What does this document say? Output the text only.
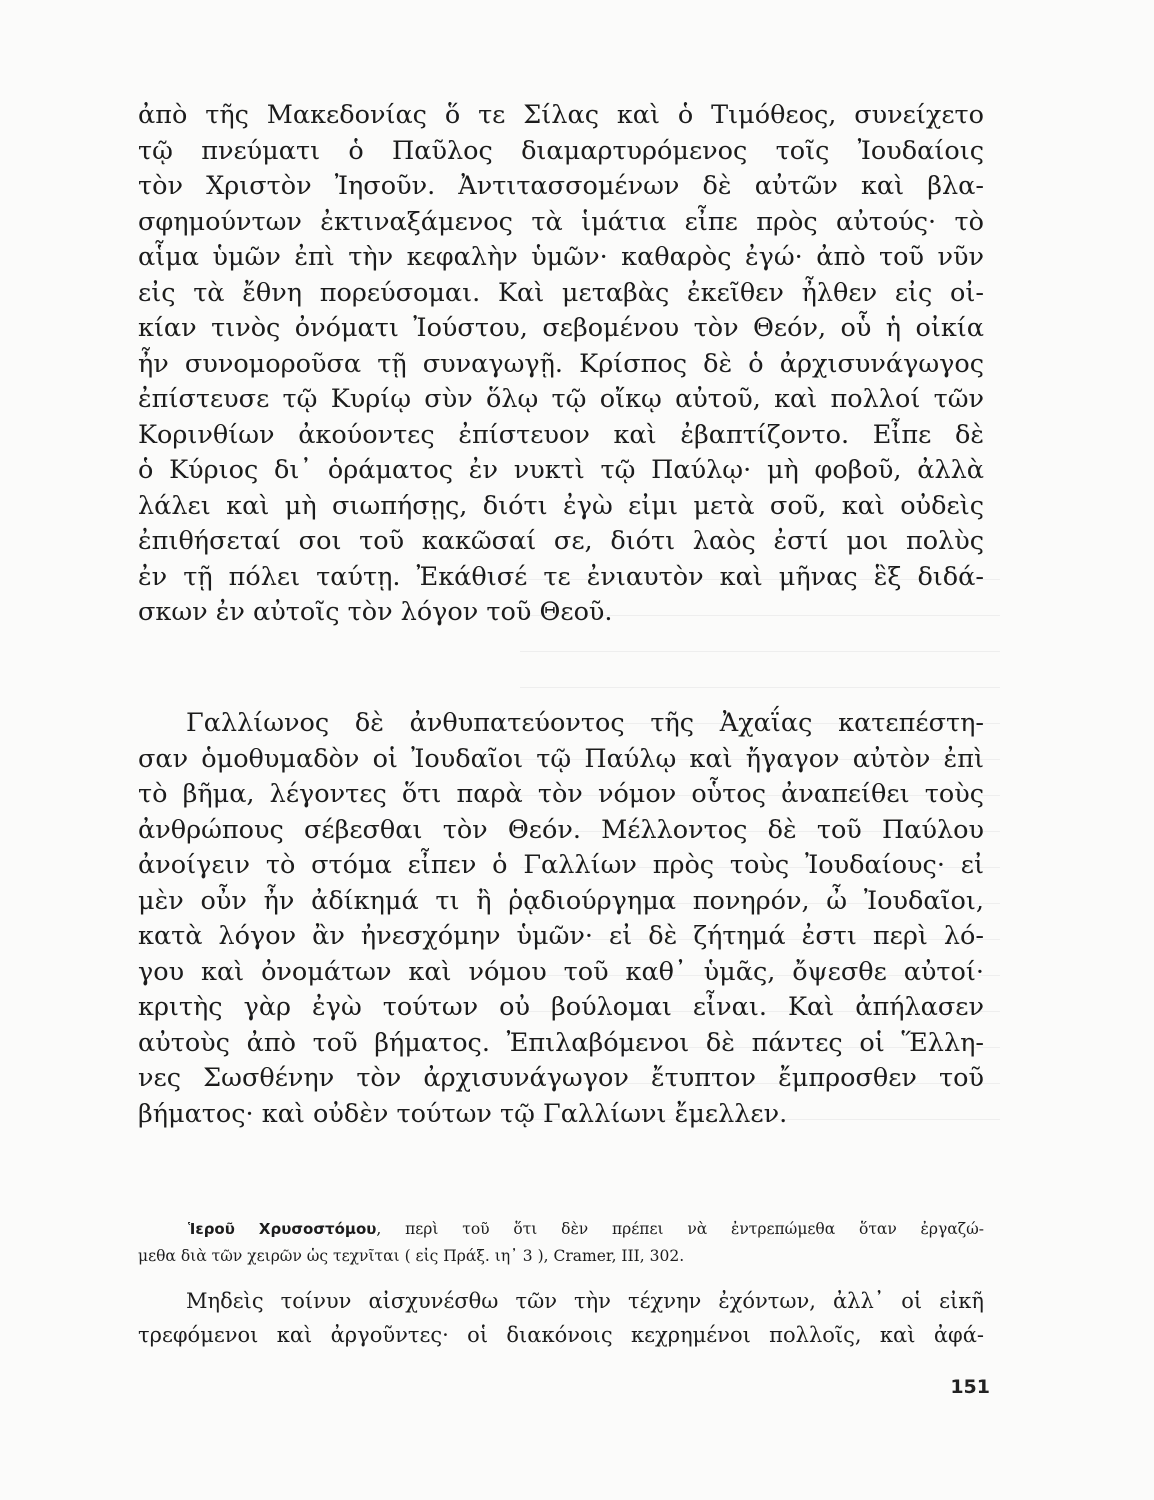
ἀπὸ τῆς Μακεδονίας ὅ τε Σίλας καὶ ὁ Τιμόθεος, συνείχετο
τῷ πνεύματι ὁ Παῦλος διαμαρτυρόμενος τοῖς Ἰουδαίοις
τὸν Χριστὸν Ἰησοῦν. Ἀντιτασσομένων δὲ αὐτῶν καὶ βλα-
σφημούντων ἐκτιναξάμενος τὰ ἱμάτια εἶπε πρὸς αὐτούς· τὸ
αἷμα ὑμῶν ἐπὶ τὴν κεφαλὴν ὑμῶν· καθαρὸς ἐγώ· ἀπὸ τοῦ νῦν
εἰς τὰ ἔθνη πορεύσομαι. Καὶ μεταβὰς ἐκεῖθεν ἦλθεν εἰς οἰ-
κίαν τινὸς ὀνόματι Ἰούστου, σεβομένου τὸν Θεόν, οὗ ἡ οἰκία
ἦν συνομοροῦσα τῇ συναγωγῇ. Κρίσπος δὲ ὁ ἀρχισυνάγωγος
ἐπίστευσε τῷ Κυρίῳ σὺν ὅλῳ τῷ οἴκῳ αὐτοῦ, καὶ πολλοί τῶν
Κορινθίων ἀκούοντες ἐπίστευον καὶ ἐβαπτίζοντο. Εἶπε δὲ
ὁ Κύριος δι᾽ ὁράματος ἐν νυκτὶ τῷ Παύλῳ· μὴ φοβοῦ, ἀλλὰ
λάλει καὶ μὴ σιωπήσῃς, διότι ἐγὼ εἰμι μετὰ σοῦ, καὶ οὐδεὶς
ἐπιθήσεταί σοι τοῦ κακῶσαί σε, διότι λαὸς ἐστί μοι πολὺς
ἐν τῇ πόλει ταύτῃ. Ἐκάθισέ τε ἐνιαυτὸν καὶ μῆνας ἓξ διδά-
σκων ἐν αὐτοῖς τὸν λόγον τοῦ Θεοῦ.
Γαλλίωνος δὲ ἀνθυπατεύοντος τῆς Ἀχαΐας κατεπέστη-
σαν ὁμοθυμαδὸν οἱ Ἰουδαῖοι τῷ Παύλῳ καὶ ἤγαγον αὐτὸν ἐπὶ
τὸ βῆμα, λέγοντες ὅτι παρὰ τὸν νόμον οὗτος ἀναπείθει τοὺς
ἀνθρώπους σέβεσθαι τὸν Θεόν. Μέλλοντος δὲ τοῦ Παύλου
ἀνοίγειν τὸ στόμα εἶπεν ὁ Γαλλίων πρὸς τοὺς Ἰουδαίους· εἰ
μὲν οὖν ἦν ἀδίκημά τι ἢ ῥᾳδιούργημα πονηρόν, ὦ Ἰουδαῖοι,
κατὰ λόγον ἂν ἠνεσχόμην ὑμῶν· εἰ δὲ ζήτημά ἐστι περὶ λό-
γου καὶ ὀνομάτων καὶ νόμου τοῦ καθ᾽ ὑμᾶς, ὄψεσθε αὐτοί·
κριτὴς γὰρ ἐγὼ τούτων οὐ βούλομαι εἶναι. Καὶ ἀπήλασεν
αὐτοὺς ἀπὸ τοῦ βήματος. Ἐπιλαβόμενοι δὲ πάντες οἱ Ἕλλη-
νες Σωσθένην τὸν ἀρχισυνάγωγον ἔτυπτον ἔμπροσθεν τοῦ
βήματος· καὶ οὐδὲν τούτων τῷ Γαλλίωνι ἔμελλεν.
Ἱεροῦ Χρυσοστόμου, περὶ τοῦ ὅτι δὲν πρέπει νὰ ἐντρεπώμεθα ὅταν ἐργαζώ-
μεθα διὰ τῶν χειρῶν ὡς τεχνῖται ( εἰς Πράξ. ιη᾽ 3 ), Cramer, III, 302.
Μηδεὶς τοίνυν αἰσχυνέσθω τῶν τὴν τέχνην ἐχόντων, ἀλλ᾽ οἱ εἰκῆ
τρεφόμενοι καὶ ἀργοῦντες· οἱ διακόνοις κεχρημένοι πολλοῖς, καὶ ἀφά-
151
